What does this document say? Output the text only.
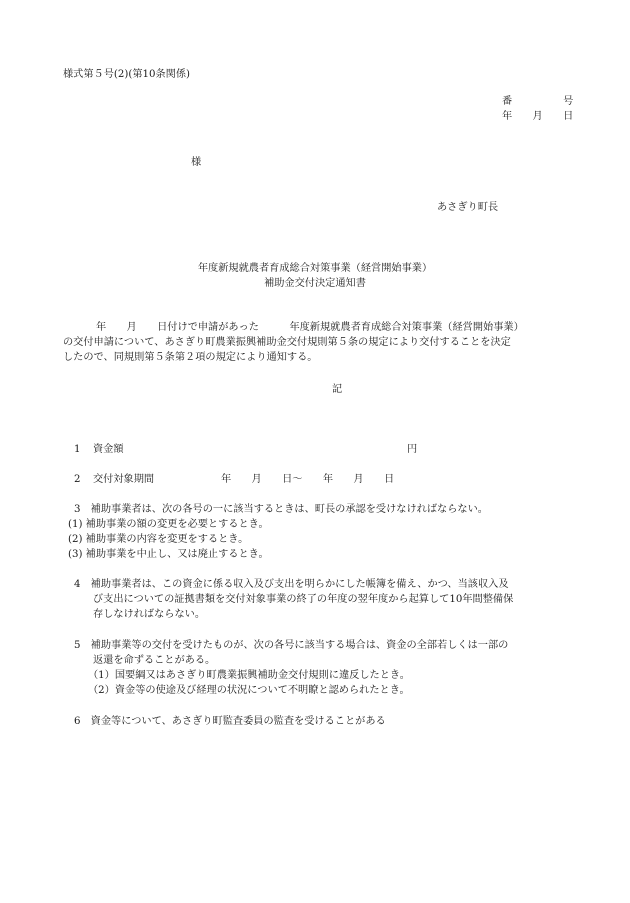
様式第５号(2)(第10条関係)
番　　　　　号
年　　月　　日
様
あさぎり町長
年度新規就農者育成総合対策事業（経営開始事業）
補助金交付決定通知書
年　　月　　日付けで申請があった　　　年度新規就農者育成総合対策事業（経営開始事業）
の交付申請について、あさぎり町農業振興補助金交付規則第５条の規定により交付することを決定
したので、同規則第５条第２項の規定により通知する。
記
1 資金額	円
2 交付対象期間	年　　月　　日〜　　年　　月　　日
3　補助事業者は、次の各号の一に該当するときは、町長の承認を受けなければならない。
(1) 補助事業の額の変更を必要とするとき。
(2) 補助事業の内容を変更をするとき。
(3) 補助事業を中止し、又は廃止するとき。
4　補助事業者は、この資金に係る収入及び支出を明らかにした帳簿を備え、かつ、当該収入及
び支出についての証拠書類を交付対象事業の終了の年度の翌年度から起算して10年間整備保
存しなければならない。
5　補助事業等の交付を受けたものが、次の各号に該当する場合は、資金の全部若しくは一部の
返還を命ずることがある。
（1）国要綱又はあさぎり町農業振興補助金交付規則に違反したとき。
（2）資金等の使途及び経理の状況について不明瞭と認められたとき。
6　資金等について、あさぎり町監査委員の監査を受けることがある
